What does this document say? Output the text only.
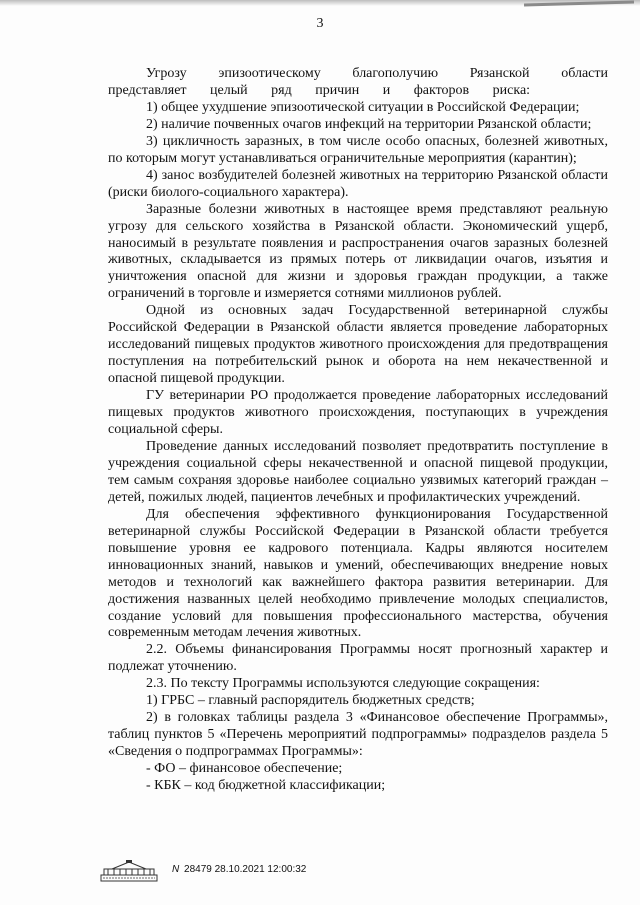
3

Угрозу эпизоотическому благополучию Рязанской области представляет целый ряд причин и факторов риска:

1) общее ухудшение эпизоотической ситуации в Российской Федерации;

2) наличие почвенных очагов инфекций на территории Рязанской области;

3) цикличность заразных, в том числе особо опасных, болезней животных, по которым могут устанавливаться ограничительные мероприятия (карантин);

4) занос возбудителей болезней животных на территорию Рязанской области (риски биолого-социального характера).

Заразные болезни животных в настоящее время представляют реальную угрозу для сельского хозяйства в Рязанской области. Экономический ущерб, наносимый в результате появления и распространения очагов заразных болезней животных, складывается из прямых потерь от ликвидации очагов, изъятия и уничтожения опасной для жизни и здоровья граждан продукции, а также ограничений в торговле и измеряется сотнями миллионов рублей.

Одной из основных задач Государственной ветеринарной службы Российской Федерации в Рязанской области является проведение лабораторных исследований пищевых продуктов животного происхождения для предотвращения поступления на потребительский рынок и оборота на нем некачественной и опасной пищевой продукции.

ГУ ветеринарии РО продолжается проведение лабораторных исследований пищевых продуктов животного происхождения, поступающих в учреждения социальной сферы.

Проведение данных исследований позволяет предотвратить поступление в учреждения социальной сферы некачественной и опасной пищевой продукции, тем самым сохраняя здоровье наиболее социально уязвимых категорий граждан – детей, пожилых людей, пациентов лечебных и профилактических учреждений.

Для обеспечения эффективного функционирования Государственной ветеринарной службы Российской Федерации в Рязанской области требуется повышение уровня ее кадрового потенциала. Кадры являются носителем инновационных знаний, навыков и умений, обеспечивающих внедрение новых методов и технологий как важнейшего фактора развития ветеринарии. Для достижения названных целей необходимо привлечение молодых специалистов, создание условий для повышения профессионального мастерства, обучения современным методам лечения животных.

2.2. Объемы финансирования Программы носят прогнозный характер и подлежат уточнению.

2.3. По тексту Программы используются следующие сокращения:

1) ГРБС – главный распорядитель бюджетных средств;

2) в головках таблицы раздела 3 «Финансовое обеспечение Программы», таблиц пунктов 5 «Перечень мероприятий подпрограммы» подразделов раздела 5 «Сведения о подпрограммах Программы»:

- ФО – финансовое обеспечение;

- КБК – код бюджетной классификации;

N 28479 28.10.2021 12:00:32
